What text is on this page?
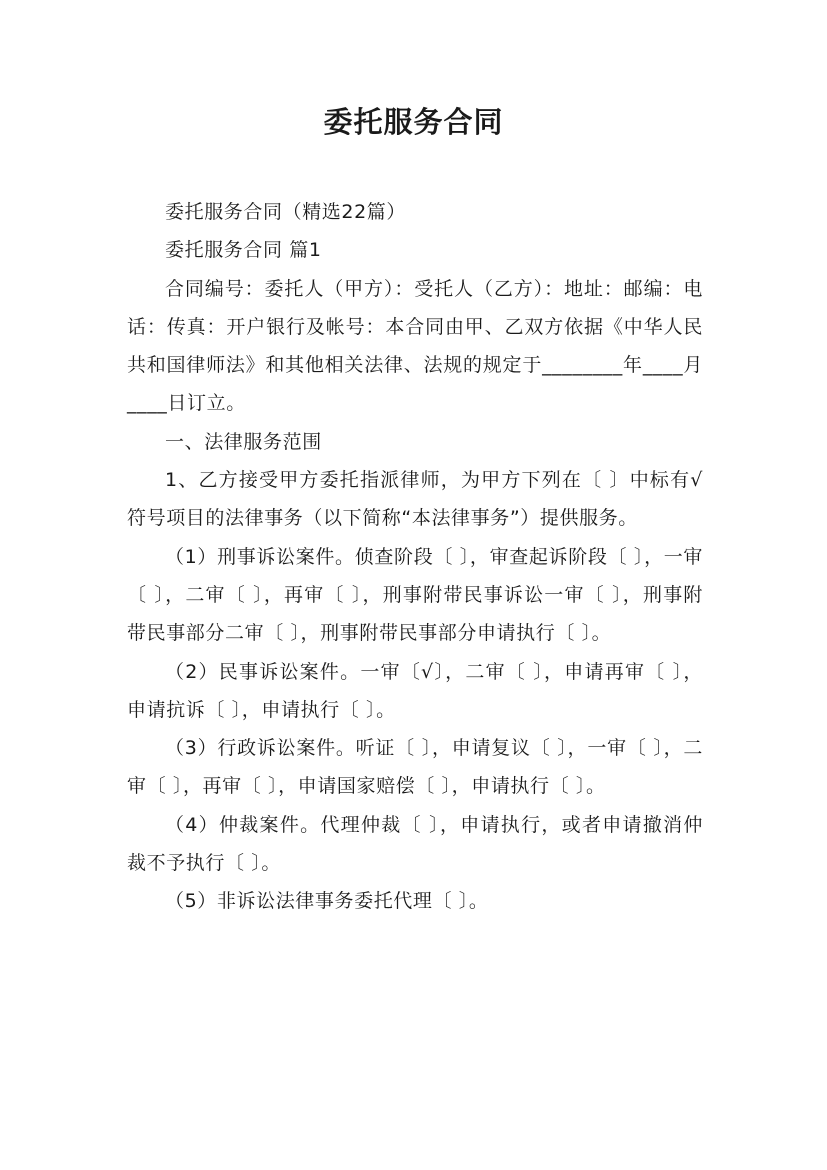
委托服务合同

委托服务合同（精选22篇）

委托服务合同 篇1

合同编号：委托人（甲方）：受托人（乙方）：地址：邮编：电话：传真：开户银行及帐号：本合同由甲、乙双方依据《中华人民共和国律师法》和其他相关法律、法规的规定于________年____月____日订立。

一、法律服务范围

1、乙方接受甲方委托指派律师，为甲方下列在〔 〕中标有√符号项目的法律事务（以下简称“本法律事务”）提供服务。

（1）刑事诉讼案件。侦查阶段〔 〕，审查起诉阶段〔 〕，一审〔 〕，二审〔 〕，再审〔 〕，刑事附带民事诉讼一审〔 〕，刑事附带民事部分二审〔 〕，刑事附带民事部分申请执行〔 〕。

（2）民事诉讼案件。一审〔√〕，二审〔 〕，申请再审〔 〕，申请抗诉〔 〕，申请执行〔 〕。

（3）行政诉讼案件。听证〔 〕，申请复议〔 〕，一审〔 〕，二审〔 〕，再审〔 〕，申请国家赔偿〔 〕，申请执行〔 〕。

（4）仲裁案件。代理仲裁〔 〕，申请执行，或者申请撤消仲裁不予执行〔 〕。

（5）非诉讼法律事务委托代理〔 〕。
